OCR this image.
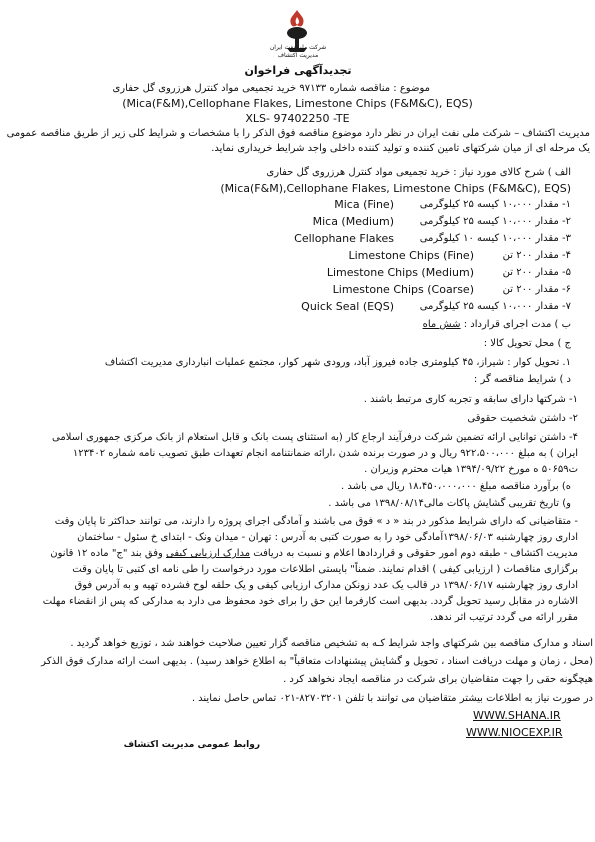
شرکت ملی نفت ایران
مدیریت اکتشاف
تجدیدآگهی فراخوان
موضوع : مناقصه شماره ۹۷۱۳۳ خرید تجمیعی مواد کنترل هرزروی گل حفاری
(Mica(F&M),Cellophane Flakes, Limestone Chips (F&M&C), EQS)
XLS- 97402250 -TE
مدیریت اکتشاف – شرکت ملی نفت ایران در نظر دارد موضوع مناقصه فوق الذکر را با مشخصات و شرایط کلی زیر از طریق مناقصه عمومی
یک مرحله ای از میان شرکتهای تامین کننده و تولید کننده داخلی واجد شرایط خریداری نماید.
الف ) شرح کالای مورد نیاز : خرید تجمیعی مواد کنترل هرزروی گل حفاری
(Mica(F&M),Cellophane Flakes, Limestone Chips (F&M&C), EQS)
۱- مقدار ۱۰،۰۰۰ کیسه ۲۵ کیلوگرمی
Mica (Fine)
۲- مقدار ۱۰،۰۰۰ کیسه ۲۵ کیلوگرمی
Mica (Medium)
۳- مقدار ۱۰،۰۰۰ کیسه ۱۰ کیلوگرمی
Cellophane Flakes
۴- مقدار ۲۰۰ تن
Limestone Chips (Fine)
۵- مقدار ۲۰۰ تن
Limestone Chips (Medium)
۶- مقدار ۲۰۰ تن
Limestone Chips (Coarse)
۷- مقدار ۱۰،۰۰۰ کیسه ۲۵ کیلوگرمی
Quick Seal (EQS)
ب ) مدت اجرای قرارداد : شش ماه
ج ) محل تحویل کالا :
۱. تحویل کوار : شیراز، ۴۵ کیلومتری جاده فیروز آباد، ورودی شهر کوار، مجتمع عملیات انبارداری مدیریت اکتشاف
د ) شرایط مناقصه گر :
۱- شرکتها دارای سابقه و تجربه کاری مرتبط باشند .
۲- داشتن شخصیت حقوقی
۴- داشتن توانایی ارائه تضمین شرکت درفرآیند ارجاع کار (به استثنای پست بانک و قابل استعلام از بانک مرکزی جمهوری اسلامی
ایران ) به مبلغ ۹۲۲،۵۰۰،۰۰۰ ریال و در صورت برنده شدن ،ارائه ضمانتنامه انجام تعهدات طبق تصویب نامه شماره ۱۲۳۴۰۲
ت۵۰۶۵۹ ه مورخ ۱۳۹۴/۰۹/۲۲ هیات محترم وزیران .
ه) برآورد مناقصه مبلغ ۱۸،۴۵۰،۰۰۰،۰۰۰ ریال می باشد .
و) تاریخ تقریبی گشایش پاکات مالی۱۳۹۸/۰۸/۱۴ می باشد .
- متقاضیانی که دارای شرایط مذکور در بند « د » فوق می باشند و آمادگی اجرای پروژه را دارند، می توانند حداکثر تا پایان وقت
اداری روز چهارشنبه ۱۳۹۸/۰۶/۰۳آمادگی خود را به صورت کتبی به آدرس : تهران - میدان ونک - ابتدای خ سئول - ساختمان
مدیریت اکتشاف - طبقه دوم امور حقوقی و قراردادها اعلام و نسبت به دریافت مدارک ارزیابی کیفی وفق بند "ج" ماده ۱۲ قانون
برگزاری مناقصات ( ارزیابی کیفی ) اقدام نمایند. ضمناً" بایستی اطلاعات مورد درخواست را طی نامه ای کتبی تا پایان وقت
اداری روز چهارشنبه ۱۳۹۸/۰۶/۱۷ در قالب یک عدد زونکن مدارک ارزیابی کیفی و یک حلقه لوح فشرده تهیه و به آدرس فوق
الاشاره در مقابل رسید تحویل گردد. بدیهی است کارفرما این حق را برای خود محفوظ می دارد به مدارکی که پس از انقضاء مهلت
مقرر ارائه می گردد ترتیب اثر ندهد.
اسناد و مدارک مناقصه بین شرکتهای واجد شرایط کـه به تشخیص مناقصه گزار تعیین صلاحیت خواهند شد ، توزیع خواهد گردید .
(محل ، زمان و مهلت دریافت اسناد ، تحویل و گشایش پیشنهادات متعاقباً" به اطلاع خواهد رسید) . بدیهی است ارائه مدارک فوق الذکر
هیچگونه حقی را جهت متقاضیان برای شرکت در مناقصه ایجاد نخواهد کرد .
در صورت نیاز به اطلاعات بیشتر متقاضیان می توانند با تلفن ۸۲۷۰۳۲۰۱-۰۲۱ تماس حاصل نمایند .
WWW.SHANA.IR
WWW.NIOCEXP.IR
روابط عمومی مدیریت اکتشاف
